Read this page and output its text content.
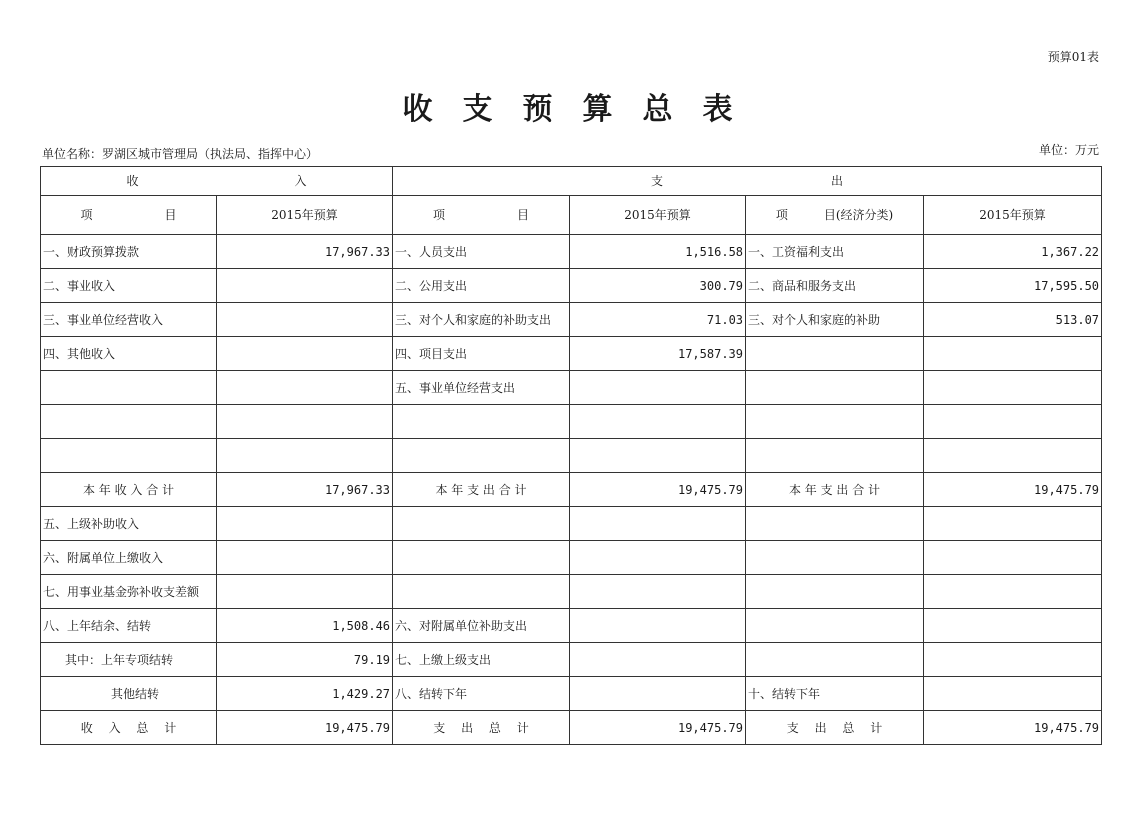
预算01表
收支预算总表
单位名称：罗湖区城市管理局（执法局、指挥中心）	单位：万元
收　　　　　　　　　　　　　入		支　　　　　　　　　　　　　　出			
项　　　　　　目	2015年预算	项　　　　　　目	2015年预算	项　　　目(经济分类)	2015年预算
一、财政预算拨款	17,967.33	一、人员支出	1,516.58	一、工资福利支出	1,367.22
二、事业收入		二、公用支出	300.79	二、商品和服务支出	17,595.50
三、事业单位经营收入		三、对个人和家庭的补助支出	71.03	三、对个人和家庭的补助	513.07
四、其他收入		四、项目支出	17,587.39		
		五、事业单位经营支出			

本 年 收 入 合 计	17,967.33	本 年 支 出 合 计	19,475.79	本 年 支 出 合 计	19,475.79
五、上级补助收入					
六、附属单位上缴收入					
七、用事业基金弥补收支差额					
八、上年结余、结转	1,508.46	六、对附属单位补助支出			
其中：上年专项结转	79.19	七、上缴上级支出			
其他结转	1,429.27	八、结转下年		十、结转下年	
收　 入　 总　 计	19,475.79	支　 出　 总　 计	19,475.79	支　 出　 总　 计	19,475.79
